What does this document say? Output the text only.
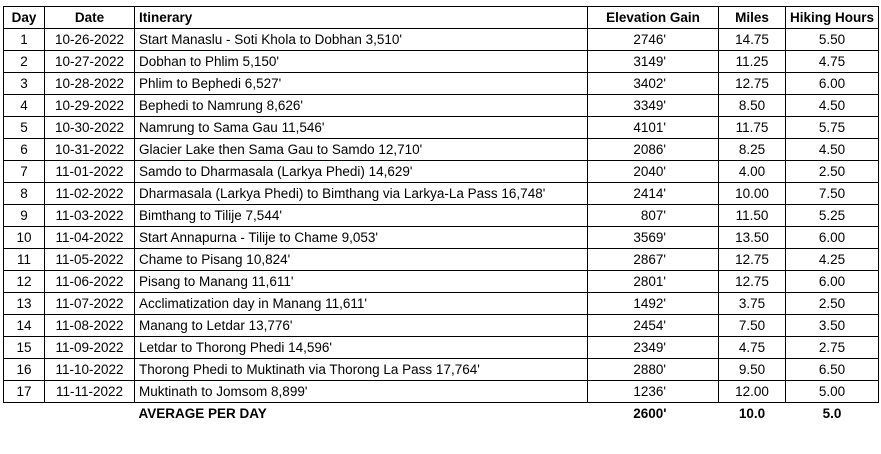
Day	Date	Itinerary	Elevation Gain	Miles	Hiking Hours
1	10-26-2022	Start Manaslu - Soti Khola to Dobhan 3,510'	2746'	14.75	5.50
2	10-27-2022	Dobhan to Phlim 5,150'	3149'	11.25	4.75
3	10-28-2022	Phlim to Bephedi 6,527'	3402'	12.75	6.00
4	10-29-2022	Bephedi to Namrung 8,626'	3349'	8.50	4.50
5	10-30-2022	Namrung to Sama Gau 11,546'	4101'	11.75	5.75
6	10-31-2022	Glacier Lake then Sama Gau to Samdo 12,710'	2086'	8.25	4.50
7	11-01-2022	Samdo to Dharmasala (Larkya Phedi) 14,629'	2040'	4.00	2.50
8	11-02-2022	Dharmasala (Larkya Phedi) to Bimthang via Larkya-La Pass 16,748'	2414'	10.00	7.50
9	11-03-2022	Bimthang to Tilije 7,544'	807'	11.50	5.25
10	11-04-2022	Start Annapurna - Tilije to Chame 9,053'	3569'	13.50	6.00
11	11-05-2022	Chame to Pisang 10,824'	2867'	12.75	4.25
12	11-06-2022	Pisang to Manang 11,611'	2801'	12.75	6.00
13	11-07-2022	Acclimatization day in Manang 11,611'	1492'	3.75	2.50
14	11-08-2022	Manang to Letdar 13,776'	2454'	7.50	3.50
15	11-09-2022	Letdar to Thorong Phedi 14,596'	2349'	4.75	2.75
16	11-10-2022	Thorong Phedi to Muktinath via Thorong La Pass 17,764'	2880'	9.50	6.50
17	11-11-2022	Muktinath to Jomsom 8,899'	1236'	12.00	5.00
		AVERAGE PER DAY	2600'	10.0	5.0
